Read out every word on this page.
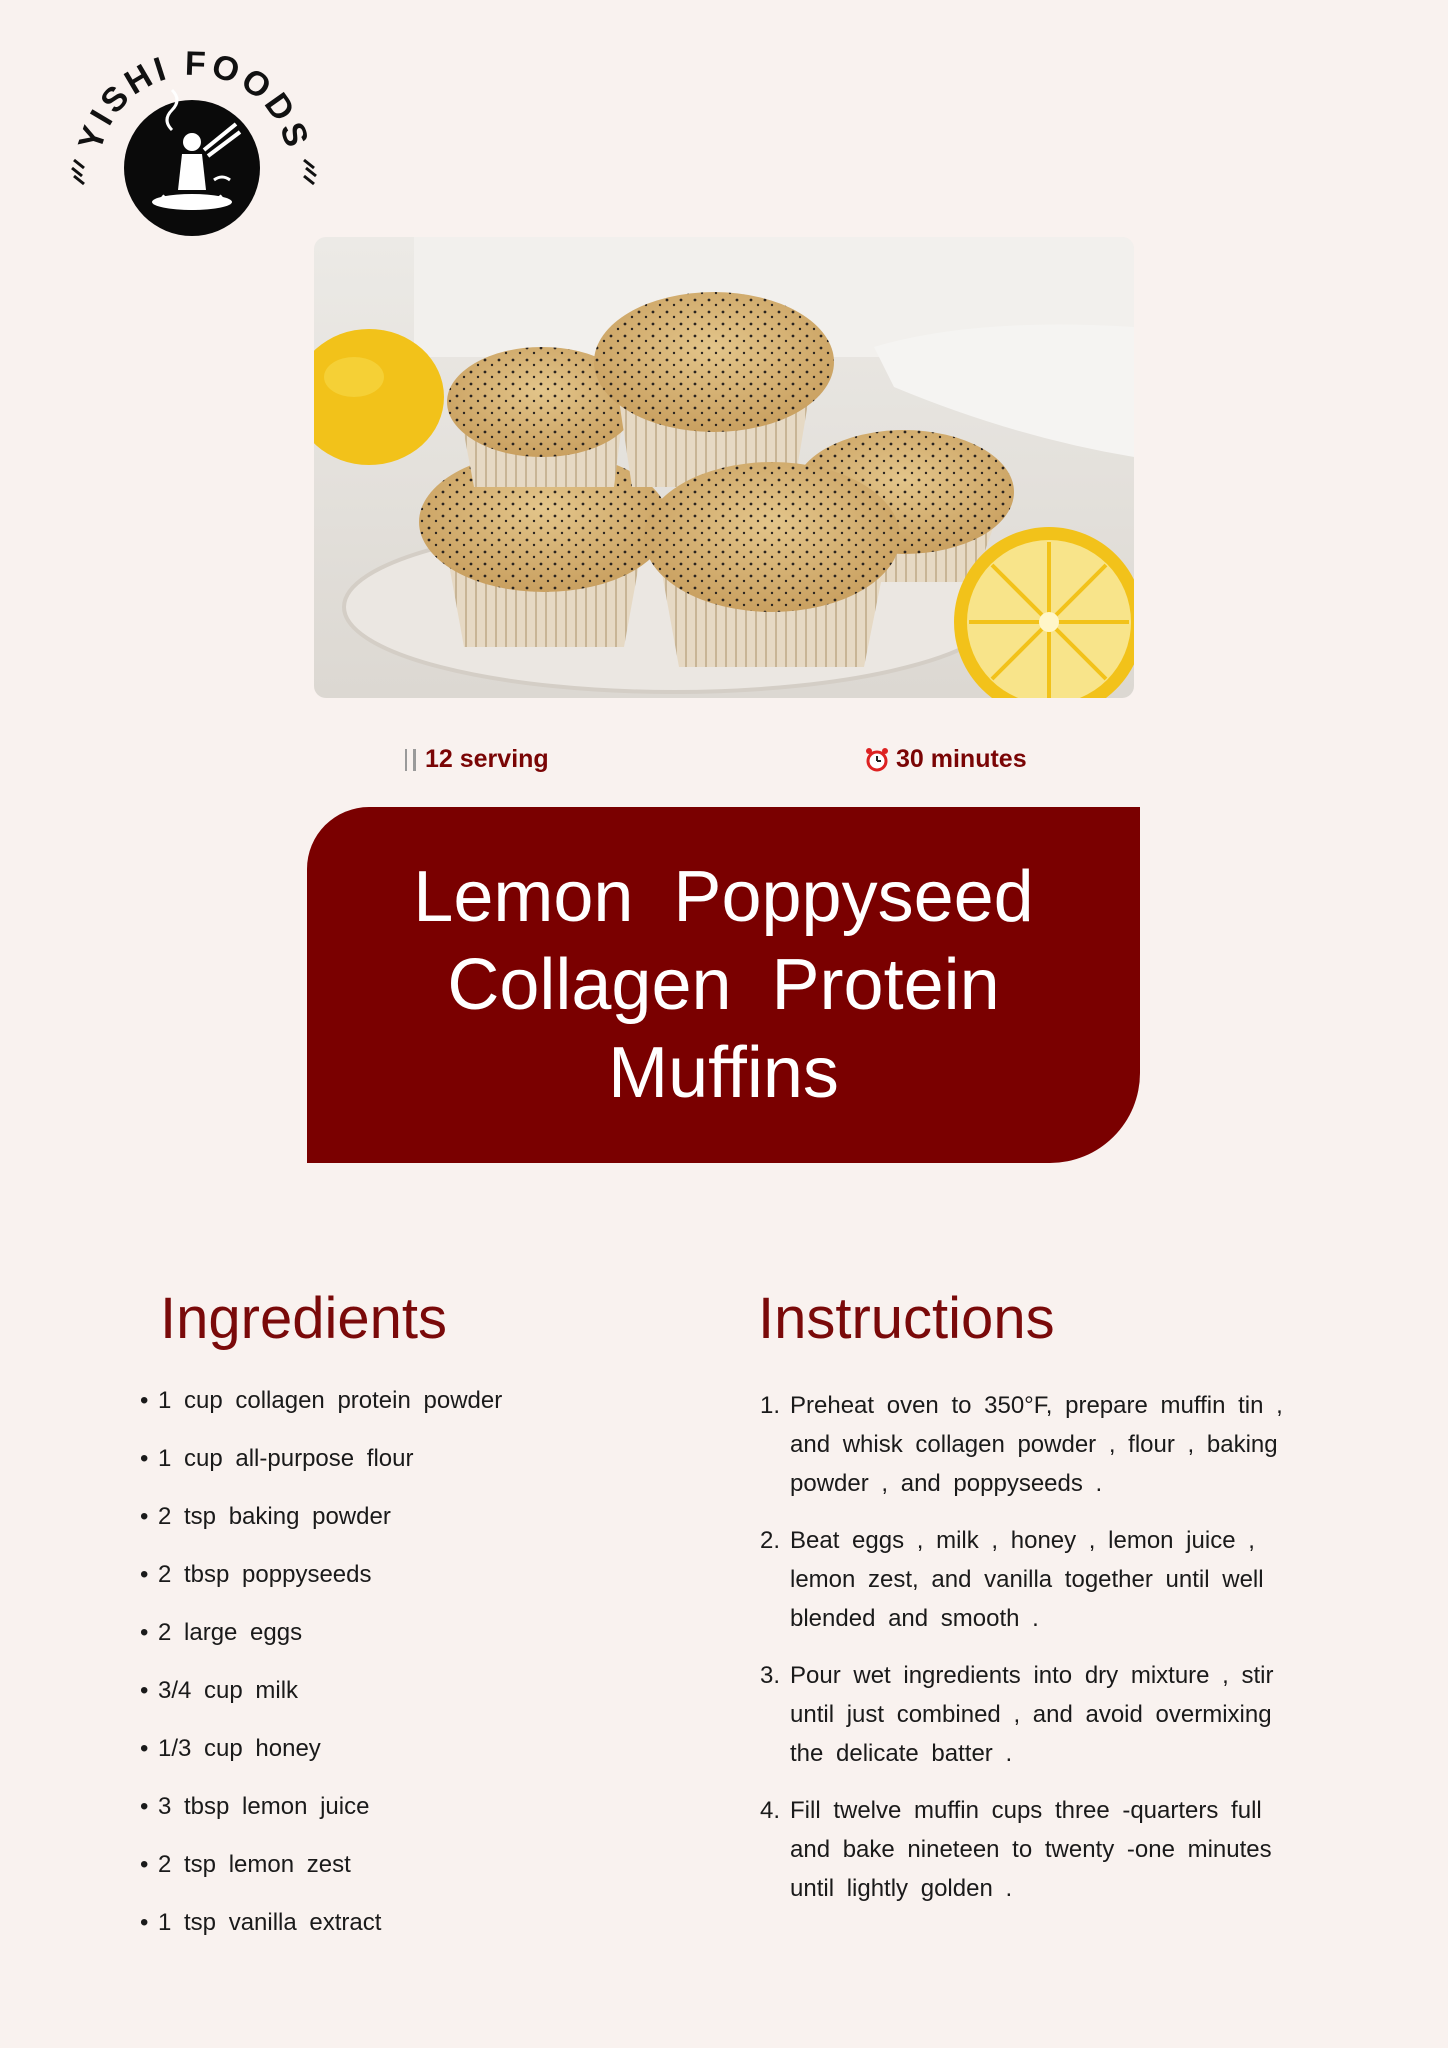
YISHI FOODS
12 serving	30 minutes
Lemon Poppyseed Collagen Protein Muffins
Ingredients	Instructions
• 1 cup collagen protein powder
• 1 cup all-purpose flour
• 2 tsp baking powder
• 2 tbsp poppyseeds
• 2 large eggs
• 3/4 cup milk
• 1/3 cup honey
• 3 tbsp lemon juice
• 2 tsp lemon zest
• 1 tsp vanilla extract
1. Preheat oven to 350°F, prepare muffin tin , and whisk collagen powder , flour , baking powder , and poppyseeds .
2. Beat eggs , milk , honey , lemon juice , lemon zest, and vanilla together until well blended and smooth .
3. Pour wet ingredients into dry mixture , stir until just combined , and avoid overmixing the delicate batter .
4. Fill twelve muffin cups three -quarters full and bake nineteen to twenty -one minutes until lightly golden .
